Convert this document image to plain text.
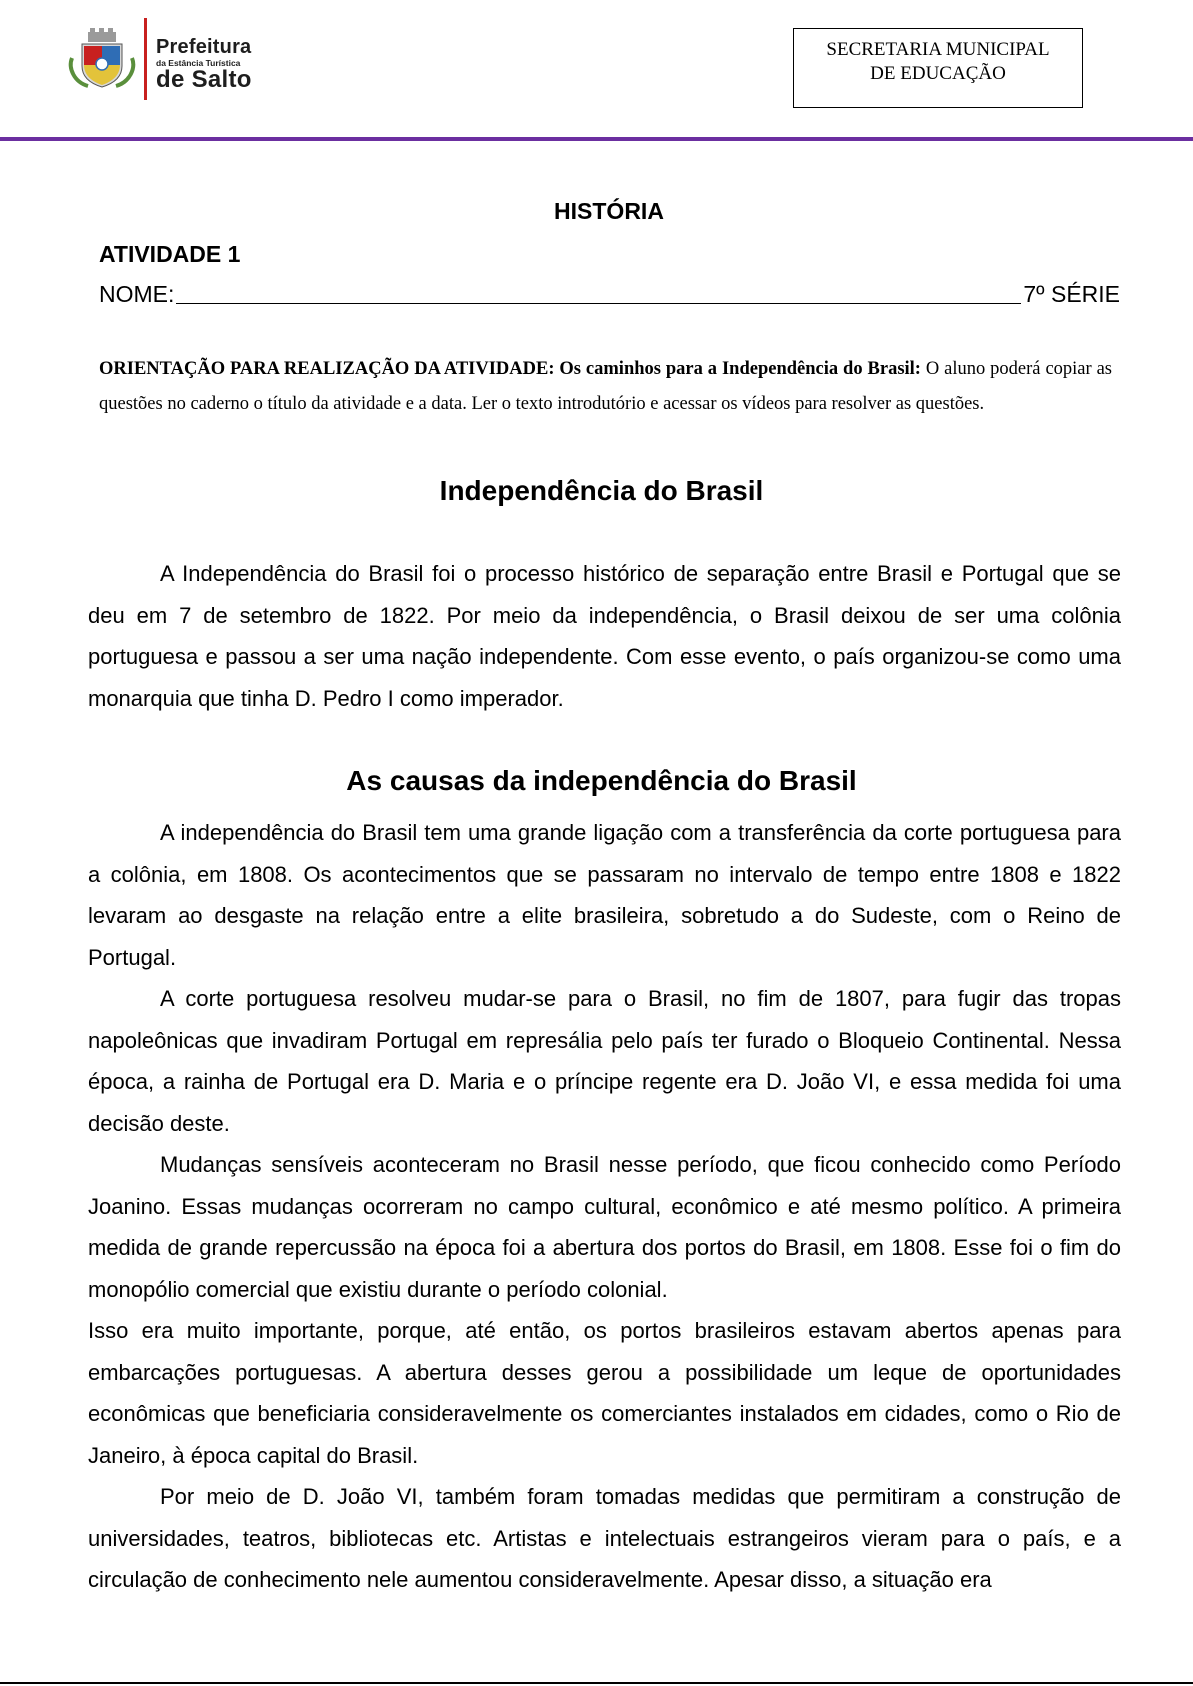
Prefeitura
da Estância Turística
de Salto
SECRETARIA MUNICIPAL
DE EDUCAÇÃO
HISTÓRIA
ATIVIDADE 1
NOME:	7º SÉRIE
ORIENTAÇÃO PARA REALIZAÇÃO DA ATIVIDADE: Os caminhos para a Independência do Brasil: O aluno poderá copiar as questões no caderno o título da atividade e a data. Ler o texto introdutório e acessar os vídeos para resolver as questões.
Independência do Brasil

A Independência do Brasil foi o processo histórico de separação entre Brasil e Portugal que se deu em 7 de setembro de 1822. Por meio da independência, o Brasil deixou de ser uma colônia portuguesa e passou a ser uma nação independente. Com esse evento, o país organizou-se como uma monarquia que tinha D. Pedro I como imperador.

As causas da independência do Brasil

A independência do Brasil tem uma grande ligação com a transferência da corte portuguesa para a colônia, em 1808. Os acontecimentos que se passaram no intervalo de tempo entre 1808 e 1822 levaram ao desgaste na relação entre a elite brasileira, sobretudo a do Sudeste, com o Reino de Portugal.

A corte portuguesa resolveu mudar-se para o Brasil, no fim de 1807, para fugir das tropas napoleônicas que invadiram Portugal em represália pelo país ter furado o Bloqueio Continental. Nessa época, a rainha de Portugal era D. Maria e o príncipe regente era D. João VI, e essa medida foi uma decisão deste.

Mudanças sensíveis aconteceram no Brasil nesse período, que ficou conhecido como Período Joanino. Essas mudanças ocorreram no campo cultural, econômico e até mesmo político. A primeira medida de grande repercussão na época foi a abertura dos portos do Brasil, em 1808. Esse foi o fim do monopólio comercial que existiu durante o período colonial.

Isso era muito importante, porque, até então, os portos brasileiros estavam abertos apenas para embarcações portuguesas. A abertura desses gerou a possibilidade um leque de oportunidades econômicas que beneficiaria consideravelmente os comerciantes instalados em cidades, como o Rio de Janeiro, à época capital do Brasil.

Por meio de D. João VI, também foram tomadas medidas que permitiram a construção de universidades, teatros, bibliotecas etc. Artistas e intelectuais estrangeiros vieram para o país, e a circulação de conhecimento nele aumentou consideravelmente. Apesar disso, a situação era
